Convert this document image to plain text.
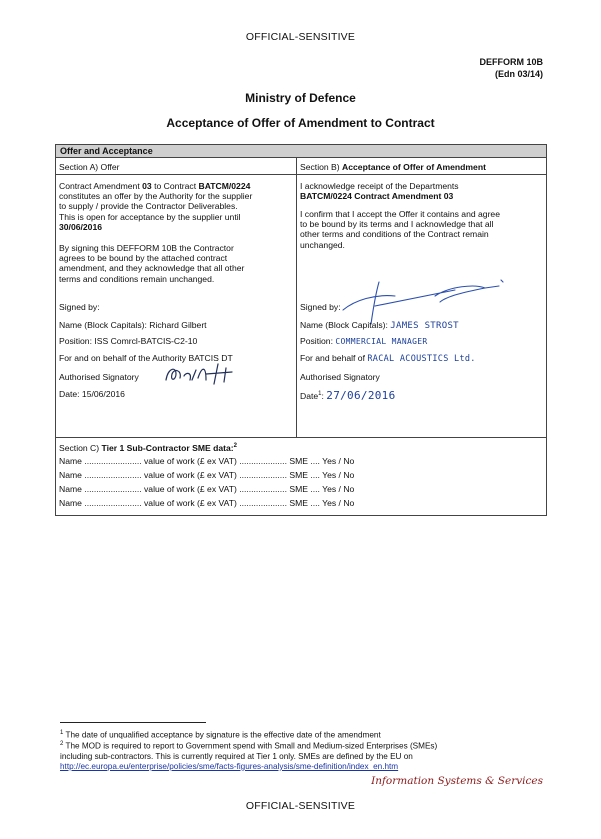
OFFICIAL-SENSITIVE
DEFFORM 10B
(Edn 03/14)
Ministry of Defence
Acceptance of Offer of Amendment to Contract
Offer and Acceptance
Section A) Offer
Contract Amendment 03 to Contract BATCM/0224
constitutes an offer by the Authority for the supplier
to supply / provide the Contractor Deliverables.
This is open for acceptance by the supplier until
30/06/2016
By signing this DEFFORM 10B the Contractor
agrees to be bound by the attached contract
amendment, and they acknowledge that all other
terms and conditions remain unchanged.
Signed by:
Name (Block Capitals): Richard Gilbert
Position: ISS Comrcl-BATCIS-C2-10
For and on behalf of the Authority BATCIS DT
Authorised Signatory
Date: 15/06/2016
Section B) Acceptance of Offer of Amendment
I acknowledge receipt of the Departments
BATCM/0224 Contract Amendment 03
I confirm that I accept the Offer it contains and agree
to be bound by its terms and I acknowledge that all
other terms and conditions of the Contract remain
unchanged.
Signed by:
Name (Block Capitals): JAMES STROST
Position: COMMERCIAL MANAGER
For and behalf of RACAL ACOUSTICS Ltd.
Authorised Signatory
Date$^1$: 27/06/2016
Section C) Tier 1 Sub-Contractor SME data:$^2$
Name ........................ value of work (£ ex VAT) .................... SME .... Yes / No
Name ........................ value of work (£ ex VAT) .................... SME .... Yes / No
Name ........................ value of work (£ ex VAT) .................... SME .... Yes / No
Name ........................ value of work (£ ex VAT) .................... SME .... Yes / No
$^1$ The date of unqualified acceptance by signature is the effective date of the amendment
$^2$ The MOD is required to report to Government spend with Small and Medium-sized Enterprises (SMEs)
including sub-contractors. This is currently required at Tier 1 only. SMEs are defined by the EU on
http://ec.europa.eu/enterprise/policies/sme/facts-figures-analysis/sme-definition/index_en.htm
Information Systems & Services
OFFICIAL-SENSITIVE
